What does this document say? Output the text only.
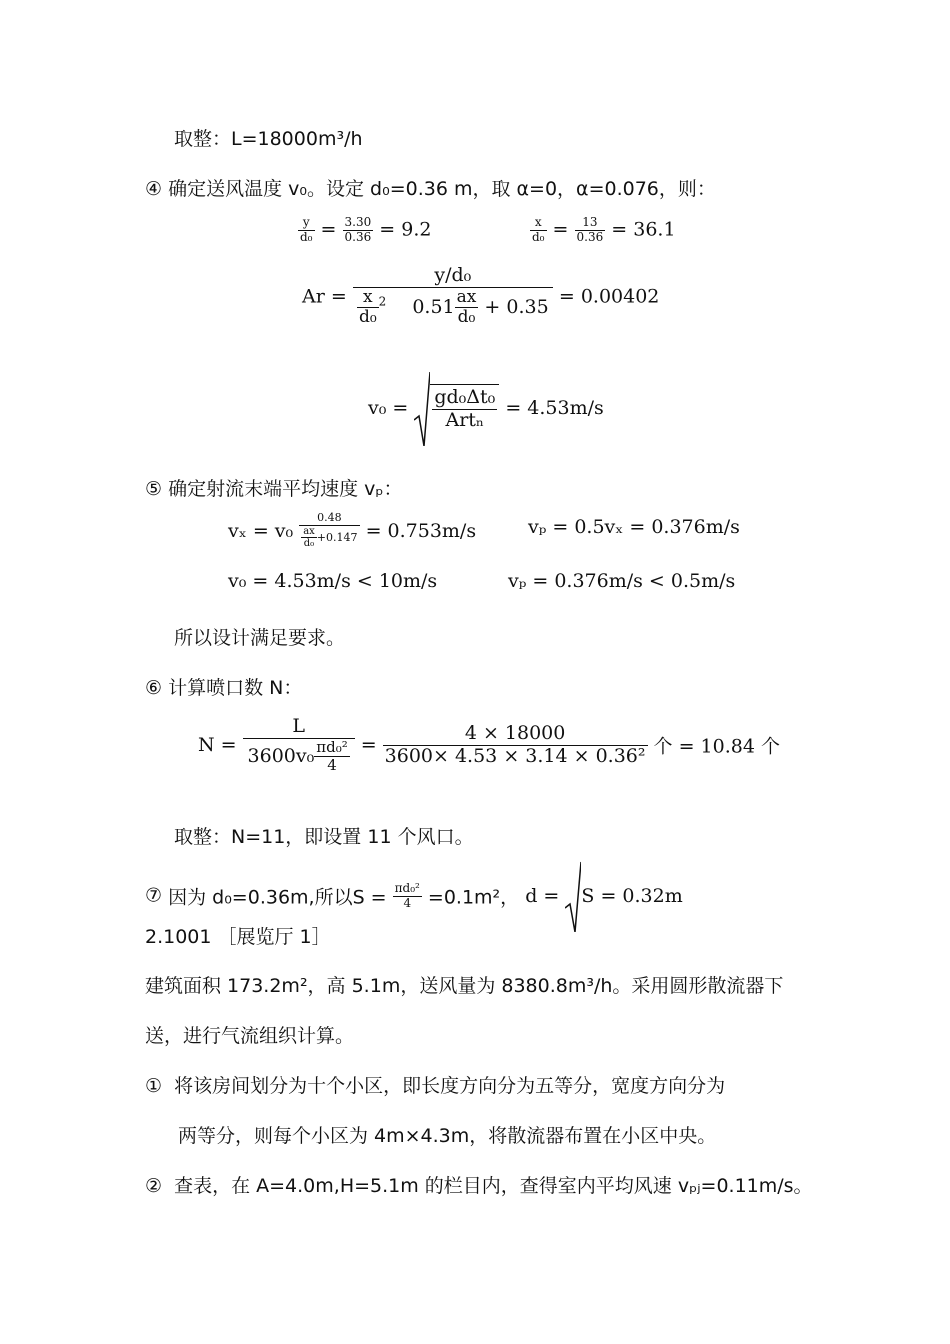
取整：L=18000m³/h
④ 确定送风温度 v₀。设定 d₀=0.36 m，取 α=0，α=0.076，则：
$\frac{y}{\text{d₀}} = \frac{3.30}{0.36} = 9.2$	$\frac{x}{\text{d₀}} = \frac{13}{0.36} = 36.1$
$Ar = \frac{\text{y/d₀}}{\frac{x}{\text{d₀}} ^2 0.51 \frac{ax}{\text{d₀}} + 0.35} = 0.00402$
$v_0 = \frac{\text{gd₀Δt₀}}{\text{Artₙ}} = 4.53m/s$
⑤ 确定射流末端平均速度 vₚ：
$v_x = v_0 \frac{0.48}{\frac{ax}{\text{d₀}} +0.147} = 0.753m/s$	vₚ = 0.5vₓ = 0.376m/s
v₀ = 4.53m/s < 10m/s	vₚ = 0.376m/s < 0.5m/s
所以设计满足要求。
⑥ 计算喷口数 N：
$N = \frac{L}{3600v_0 \frac{\text{πd₀²}}{4}} = \frac{4 \times 18000}{\text{3600× 4.53 × 3.14 × 0.36²}}$ 个 = 10.84 个
取整：N=11，即设置 11 个风口。
⑦ 因为 d₀=0.36m,所以$S = \frac{\text{πd₀²}}{4} =0.1m^2$， d = S = 0.32m
2.1001 ［展览厅 1］
建筑面积 173.2m²，高 5.1m，送风量为 8380.8m³/h。采用圆形散流器下
送，进行气流组织计算。
① 将该房间划分为十个小区，即长度方向分为五等分，宽度方向分为
两等分，则每个小区为 4m×4.3m，将散流器布置在小区中央。
② 查表，在 A=4.0m,H=5.1m 的栏目内，查得室内平均风速 vₚⱼ=0.11m/s。
